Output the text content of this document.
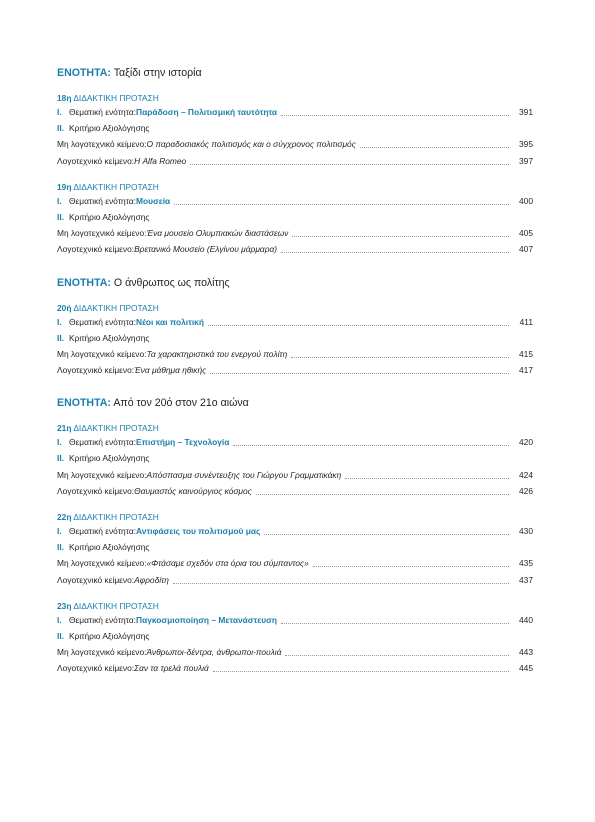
ΕΝΟΤΗΤΑ: Ταξίδι στην ιστορία
18η ΔΙΔΑΚΤΙΚΗ ΠΡΟΤΑΣΗ
I. Θεματική ενότητα: Παράδοση – Πολιτισμική ταυτότητα	391
II. Κριτήριο Αξιολόγησης
Μη λογοτεχνικό κείμενο: Ο παραδοσιακός πολιτισμός και ο σύγχρονος πολιτισμός	395
Λογοτεχνικό κείμενο: Η Alfa Romeo	397
19η ΔΙΔΑΚΤΙΚΗ ΠΡΟΤΑΣΗ
I. Θεματική ενότητα: Μουσεία	400
II. Κριτήριο Αξιολόγησης
Μη λογοτεχνικό κείμενο: Ένα μουσείο Ολυμπιακών διαστάσεων	405
Λογοτεχνικό κείμενο: Βρετανικό Μουσείο (Ελγίνου μάρμαρα)	407
ΕΝΟΤΗΤΑ: Ο άνθρωπος ως πολίτης
20ή ΔΙΔΑΚΤΙΚΗ ΠΡΟΤΑΣΗ
I. Θεματική ενότητα: Νέοι και πολιτική	411
II. Κριτήριο Αξιολόγησης
Μη λογοτεχνικό κείμενο: Τα χαρακτηριστικά του ενεργού πολίτη	415
Λογοτεχνικό κείμενο: Ένα μάθημα ηθικής	417
ΕΝΟΤΗΤΑ: Από τον 20ό στον 21ο αιώνα
21η ΔΙΔΑΚΤΙΚΗ ΠΡΟΤΑΣΗ
I. Θεματική ενότητα: Επιστήμη – Τεχνολογία	420
II. Κριτήριο Αξιολόγησης
Μη λογοτεχνικό κείμενο: Απόσπασμα συνέντευξης του Γιώργου Γραμματικάκη	424
Λογοτεχνικό κείμενο: Θαυμαστός καινούργιος κόσμος	426
22η ΔΙΔΑΚΤΙΚΗ ΠΡΟΤΑΣΗ
I. Θεματική ενότητα: Αντιφάσεις του πολιτισμού μας	430
II. Κριτήριο Αξιολόγησης
Μη λογοτεχνικό κείμενο: «Φτάσαμε σχεδόν στα όρια του σύμπαντος»	435
Λογοτεχνικό κείμενο: Αφροδίτη	437
23η ΔΙΔΑΚΤΙΚΗ ΠΡΟΤΑΣΗ
I. Θεματική ενότητα: Παγκοσμιοποίηση – Μετανάστευση	440
II. Κριτήριο Αξιολόγησης
Μη λογοτεχνικό κείμενο: Άνθρωποι-δέντρα, άνθρωποι-πουλιά	443
Λογοτεχνικό κείμενο: Σαν τα τρελά πουλιά	445
